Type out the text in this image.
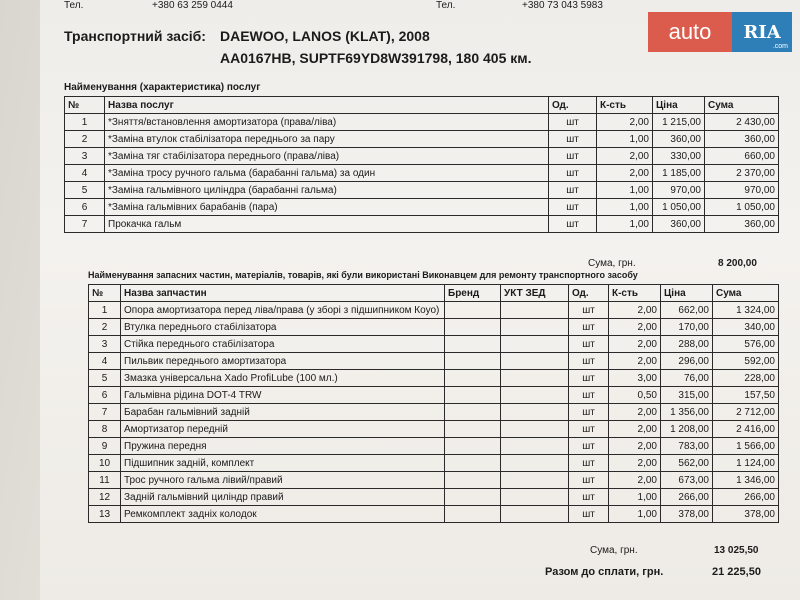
Тел.	+380 63 259 0444	Тел.	+380 73 043 5983
Транспортний засіб: DAEWOO, LANOS (KLAT), 2008
AA0167HB, SUPTF69YD8W391798, 180 405 км.
auto	RIA
.com
Найменування (характеристика) послуг
№	Назва послуг	Од.	К-сть	Ціна	Сума
1	*Зняття/встановлення амортизатора (права/ліва)	шт	2,00	1 215,00	2 430,00
2	*Заміна втулок стабілізатора переднього за пару	шт	1,00	360,00	360,00
3	*Заміна тяг стабілізатора переднього (права/ліва)	шт	2,00	330,00	660,00
4	*Заміна тросу ручного гальма (барабанні гальма) за один	шт	2,00	1 185,00	2 370,00
5	*Заміна гальмівного циліндра (барабанні гальма)	шт	1,00	970,00	970,00
6	*Заміна гальмівних барабанів (пара)	шт	1,00	1 050,00	1 050,00
7	Прокачка гальм	шт	1,00	360,00	360,00
Сума, грн.	8 200,00
Найменування запасних частин, матеріалів, товарів, які були використані Виконавцем для ремонту транспортного засобу
№	Назва запчастин	Бренд	УКТ ЗЕД	Од.	К-сть	Ціна	Сума
1	Опора амортизатора перед ліва/права (у зборі з підшипником Коуо)			шт	2,00	662,00	1 324,00
2	Втулка переднього стабілізатора			шт	2,00	170,00	340,00
3	Стійка переднього стабілізатора			шт	2,00	288,00	576,00
4	Пильвик переднього амортизатора			шт	2,00	296,00	592,00
5	Змазка універсальна Xado ProfiLube (100 мл.)			шт	3,00	76,00	228,00
6	Гальмівна рідина DOT-4 TRW			шт	0,50	315,00	157,50
7	Барабан гальмівний задній			шт	2,00	1 356,00	2 712,00
8	Амортизатор передній			шт	2,00	1 208,00	2 416,00
9	Пружина передня			шт	2,00	783,00	1 566,00
10	Підшипник задній, комплект			шт	2,00	562,00	1 124,00
11	Трос ручного гальма лівий/правий			шт	2,00	673,00	1 346,00
12	Задній гальмівний циліндр правий			шт	1,00	266,00	266,00
13	Ремкомплект задніх колодок			шт	1,00	378,00	378,00
Сума, грн.	13 025,50
Разом до сплати, грн.	21 225,50
